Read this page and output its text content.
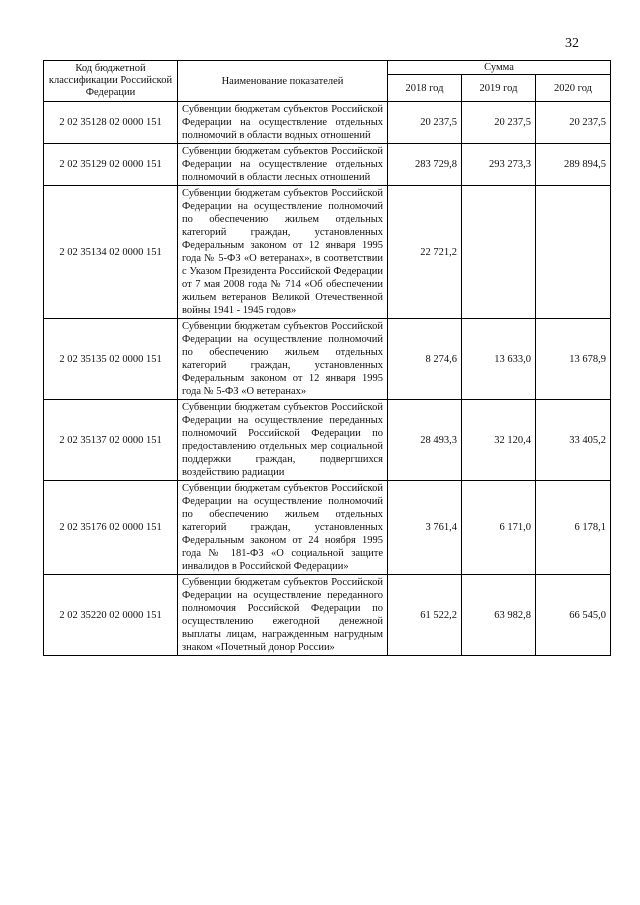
32
Код бюджетной классификации Российской Федерации	Наименование показателей	Сумма		
		2018 год	2019 год	2020 год
2 02 35128 02 0000 151	Субвенции бюджетам субъектов Российской Федерации на осуществление отдельных полномочий в области водных отношений	20 237,5	20 237,5	20 237,5
2 02 35129 02 0000 151	Субвенции бюджетам субъектов Российской Федерации на осуществление отдельных полномочий в области лесных отношений	283 729,8	293 273,3	289 894,5
2 02 35134 02 0000 151	Субвенции бюджетам субъектов Российской Федерации на осуществление полномочий по обеспечению жильем отдельных категорий граждан, установленных Федеральным законом от 12 января 1995 года № 5-ФЗ «О ветеранах», в соответствии с Указом Президента Российской Федерации от 7 мая 2008 года № 714 «Об обеспечении жильем ветеранов Великой Отечественной войны 1941 - 1945 годов»	22 721,2		
2 02 35135 02 0000 151	Субвенции бюджетам субъектов Российской Федерации на осуществление полномочий по обеспечению жильем отдельных категорий граждан, установленных Федеральным законом от 12 января 1995 года № 5-ФЗ «О ветеранах»	8 274,6	13 633,0	13 678,9
2 02 35137 02 0000 151	Субвенции бюджетам субъектов Российской Федерации на осуществление переданных полномочий Российской Федерации по предоставлению отдельных мер социальной поддержки граждан, подвергшихся воздействию радиации	28 493,3	32 120,4	33 405,2
2 02 35176 02 0000 151	Субвенции бюджетам субъектов Российской Федерации на осуществление полномочий по обеспечению жильем отдельных категорий граждан, установленных Федеральным законом от 24 ноября 1995 года № 181-ФЗ «О социальной защите инвалидов в Российской Федерации»	3 761,4	6 171,0	6 178,1
2 02 35220 02 0000 151	Субвенции бюджетам субъектов Российской Федерации на осуществление переданного полномочия Российской Федерации по осуществлению ежегодной денежной выплаты лицам, награжденным нагрудным знаком «Почетный донор России»	61 522,2	63 982,8	66 545,0
